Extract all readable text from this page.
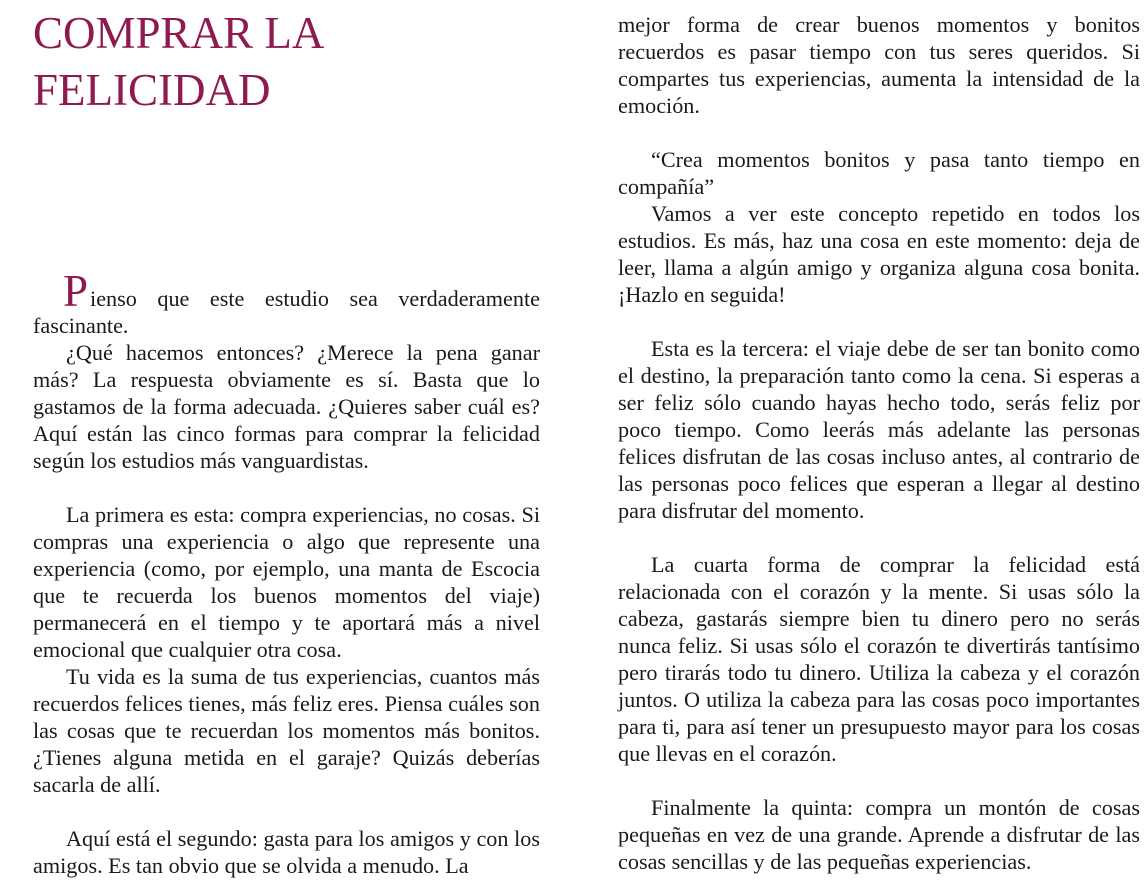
COMPRAR LA FELICIDAD

Pienso que este estudio sea verdaderamente fascinante.

¿Qué hacemos entonces? ¿Merece la pena ganar más? La respuesta obviamente es sí. Basta que lo gastamos de la forma adecuada. ¿Quieres saber cuál es? Aquí están las cinco formas para comprar la felicidad según los estudios más vanguardistas.

La primera es esta: compra experiencias, no cosas. Si compras una experiencia o algo que represente una experiencia (como, por ejemplo, una manta de Escocia que te recuerda los buenos momentos del viaje) permanecerá en el tiempo y te aportará más a nivel emocional que cualquier otra cosa.

Tu vida es la suma de tus experiencias, cuantos más recuerdos felices tienes, más feliz eres. Piensa cuáles son las cosas que te recuerdan los momentos más bonitos. ¿Tienes alguna metida en el garaje? Quizás deberías sacarla de allí.

Aquí está el segundo: gasta para los amigos y con los amigos. Es tan obvio que se olvida a menudo. La

mejor forma de crear buenos momentos y bonitos recuerdos es pasar tiempo con tus seres queridos. Si compartes tus experiencias, aumenta la intensidad de la emoción.

“Crea momentos bonitos y pasa tanto tiempo en compañía”

Vamos a ver este concepto repetido en todos los estudios. Es más, haz una cosa en este momento: deja de leer, llama a algún amigo y organiza alguna cosa bonita. ¡Hazlo en seguida!

Esta es la tercera: el viaje debe de ser tan bonito como el destino, la preparación tanto como la cena. Si esperas a ser feliz sólo cuando hayas hecho todo, serás feliz por poco tiempo. Como leerás más adelante las personas felices disfrutan de las cosas incluso antes, al contrario de las personas poco felices que esperan a llegar al destino para disfrutar del momento.

La cuarta forma de comprar la felicidad está relacionada con el corazón y la mente. Si usas sólo la cabeza, gastarás siempre bien tu dinero pero no serás nunca feliz. Si usas sólo el corazón te divertirás tantísimo pero tirarás todo tu dinero. Utiliza la cabeza y el corazón juntos. O utiliza la cabeza para las cosas poco importantes para ti, para así tener un presupuesto mayor para los cosas que llevas en el corazón.

Finalmente la quinta: compra un montón de cosas pequeñas en vez de una grande. Aprende a disfrutar de las cosas sencillas y de las pequeñas experiencias.
